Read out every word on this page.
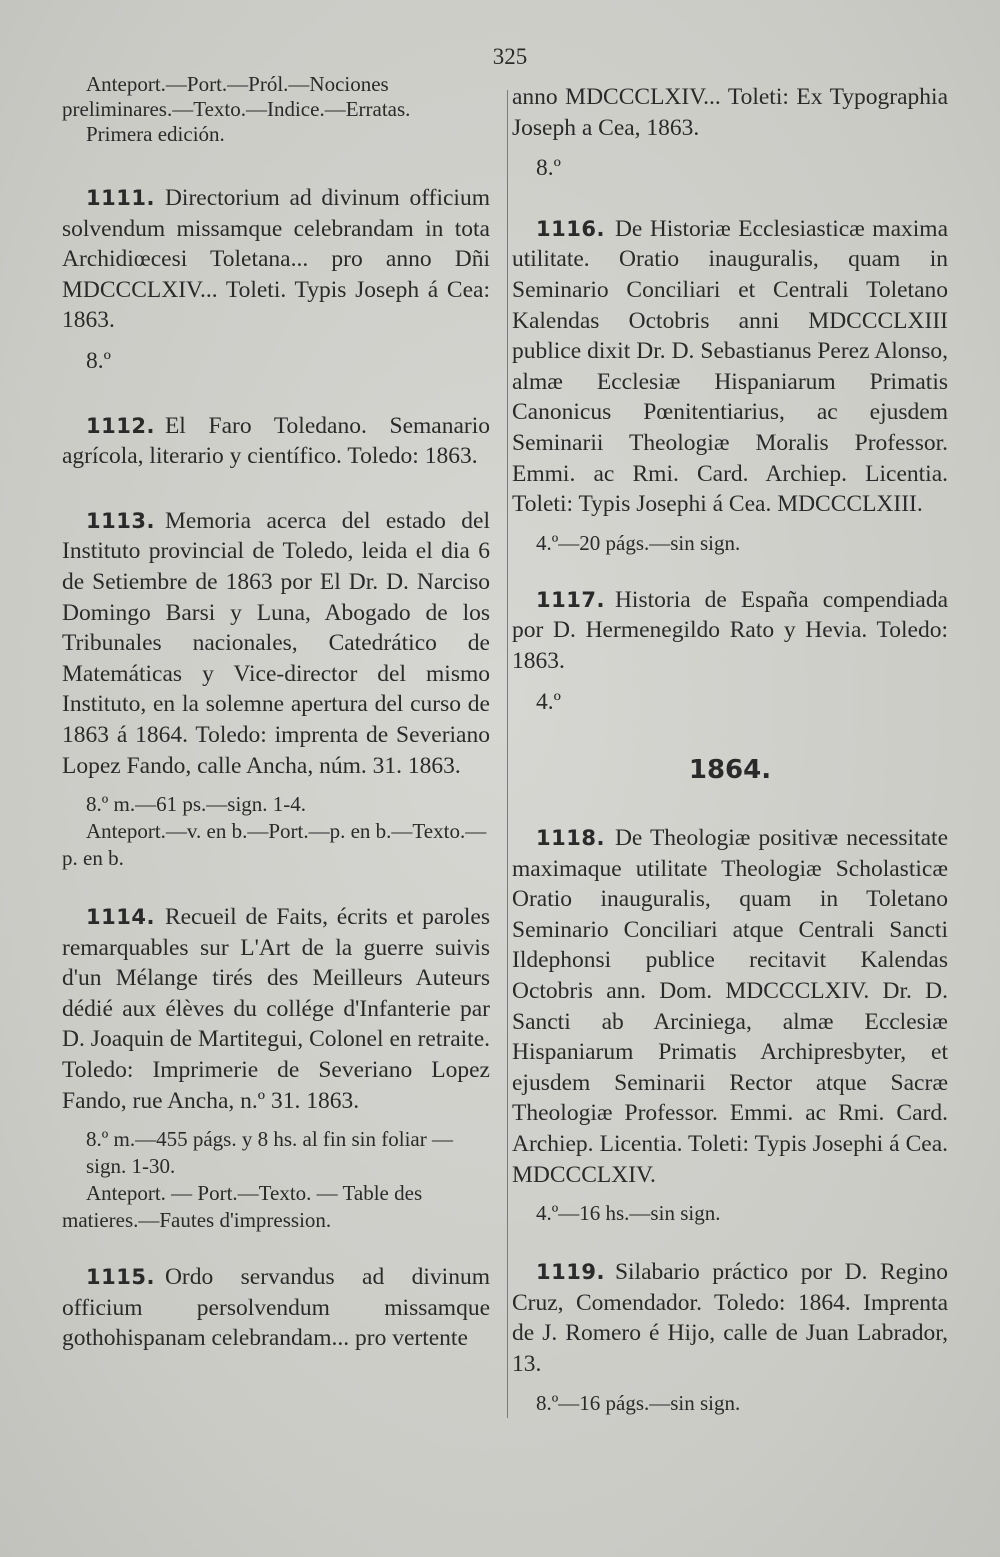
325

Anteport.—Port.—Pról.—Nociones preliminares.—Texto.—Indice.—Erratas.

Primera edición.

1111. Directorium ad divinum officium solvendum missamque celebrandam in tota Archidiœcesi Toletana... pro anno Dñi MDCCCLXIV... Toleti. Typis Joseph á Cea: 1863.

8.º

1112. El Faro Toledano. Semanario agrícola, literario y científico. Toledo: 1863.

1113. Memoria acerca del estado del Instituto provincial de Toledo, leida el dia 6 de Setiembre de 1863 por El Dr. D. Narciso Domingo Barsi y Luna, Abogado de los Tribunales nacionales, Catedrático de Matemáticas y Vice-director del mismo Instituto, en la solemne apertura del curso de 1863 á 1864. Toledo: imprenta de Severiano Lopez Fando, calle Ancha, núm. 31. 1863.

8.º m.—61 ps.—sign. 1-4.

Anteport.—v. en b.—Port.—p. en b.—Texto.—p. en b.

1114. Recueil de Faits, écrits et paroles remarquables sur L'Art de la guerre suivis d'un Mélange tirés des Meilleurs Auteurs dédié aux élèves du collége d'Infanterie par D. Joaquin de Martitegui, Colonel en retraite. Toledo: Imprimerie de Severiano Lopez Fando, rue Ancha, n.º 31. 1863.

8.º m.—455 págs. y 8 hs. al fin sin foliar —sign. 1-30.

Anteport. — Port.—Texto. — Table des matieres.—Fautes d'impression.

1115. Ordo servandus ad divinum officium persolvendum missamque gothohispanam celebrandam... pro vertente

anno MDCCCLXIV... Toleti: Ex Typographia Joseph a Cea, 1863.

8.º

1116. De Historiæ Ecclesiasticæ maxima utilitate. Oratio inauguralis, quam in Seminario Conciliari et Centrali Toletano Kalendas Octobris anni MDCCCLXIII publice dixit Dr. D. Sebastianus Perez Alonso, almæ Ecclesiæ Hispaniarum Primatis Canonicus Pœnitentiarius, ac ejusdem Seminarii Theologiæ Moralis Professor. Emmi. ac Rmi. Card. Archiep. Licentia. Toleti: Typis Josephi á Cea. MDCCCLXIII.

4.º—20 págs.—sin sign.

1117. Historia de España compendiada por D. Hermenegildo Rato y Hevia. Toledo: 1863.

4.º

1864.

1118. De Theologiæ positivæ necessitate maximaque utilitate Theologiæ Scholasticæ Oratio inauguralis, quam in Toletano Seminario Conciliari atque Centrali Sancti Ildephonsi publice recitavit Kalendas Octobris ann. Dom. MDCCCLXIV. Dr. D. Sancti ab Arciniega, almæ Ecclesiæ Hispaniarum Primatis Archipresbyter, et ejusdem Seminarii Rector atque Sacræ Theologiæ Professor. Emmi. ac Rmi. Card. Archiep. Licentia. Toleti: Typis Josephi á Cea. MDCCCLXIV.

4.º—16 hs.—sin sign.

1119. Silabario práctico por D. Regino Cruz, Comendador. Toledo: 1864. Imprenta de J. Romero é Hijo, calle de Juan Labrador, 13.

8.º—16 págs.—sin sign.
